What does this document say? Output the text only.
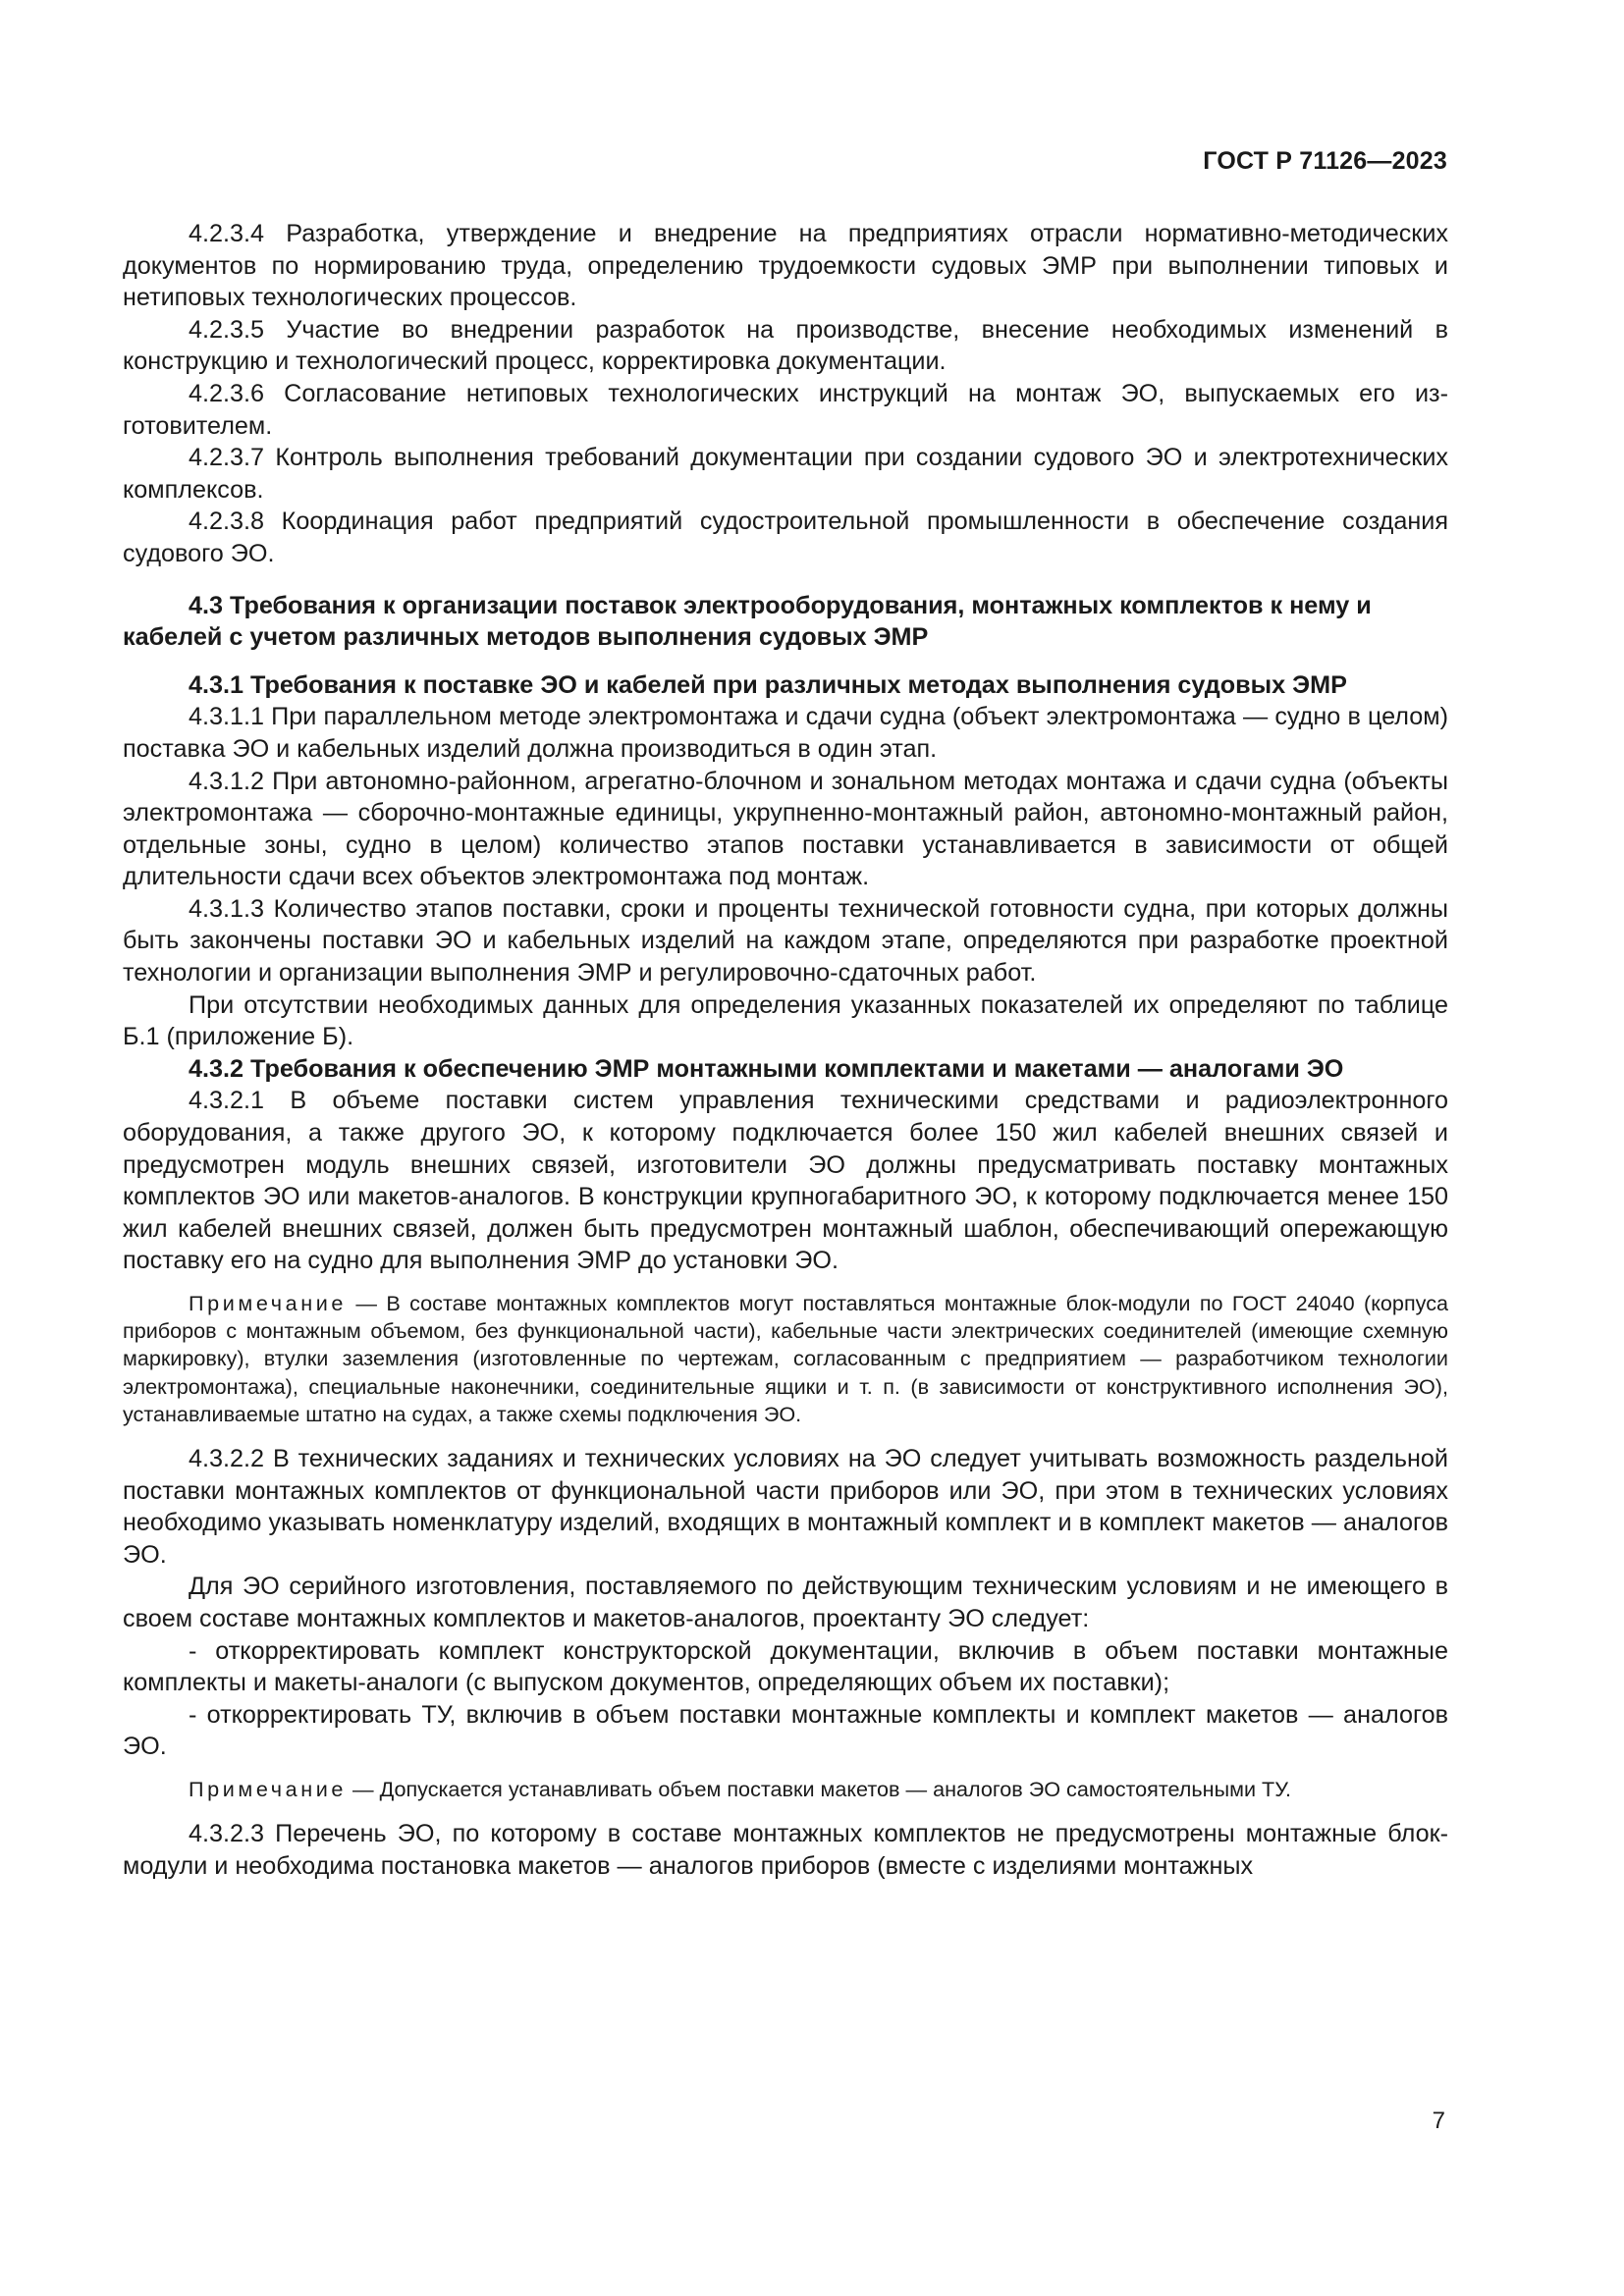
ГОСТ Р 71126—2023

4.2.3.4 Разработка, утверждение и внедрение на предприятиях отрасли нормативно-методических документов по нормированию труда, определению трудоемкости судовых ЭМР при выполнении типовых и нетиповых технологических процессов.

4.2.3.5 Участие во внедрении разработок на производстве, внесение необходимых изменений в конструкцию и технологический процесс, корректировка документации.

4.2.3.6 Согласование нетиповых технологических инструкций на монтаж ЭО, выпускаемых его изготовителем.

4.2.3.7 Контроль выполнения требований документации при создании судового ЭО и электротехнических комплексов.

4.2.3.8 Координация работ предприятий судостроительной промышленности в обеспечение создания судового ЭО.

4.3 Требования к организации поставок электрооборудования, монтажных комплектов к нему и кабелей с учетом различных методов выполнения судовых ЭМР

4.3.1 Требования к поставке ЭО и кабелей при различных методах выполнения судовых ЭМР

4.3.1.1 При параллельном методе электромонтажа и сдачи судна (объект электромонтажа — судно в целом) поставка ЭО и кабельных изделий должна производиться в один этап.

4.3.1.2 При автономно-районном, агрегатно-блочном и зональном методах монтажа и сдачи судна (объекты электромонтажа — сборочно-монтажные единицы, укрупненно-монтажный район, автономно-монтажный район, отдельные зоны, судно в целом) количество этапов поставки устанавливается в зависимости от общей длительности сдачи всех объектов электромонтажа под монтаж.

4.3.1.3 Количество этапов поставки, сроки и проценты технической готовности судна, при которых должны быть закончены поставки ЭО и кабельных изделий на каждом этапе, определяются при разработке проектной технологии и организации выполнения ЭМР и регулировочно-сдаточных работ.

При отсутствии необходимых данных для определения указанных показателей их определяют по таблице Б.1 (приложение Б).

4.3.2 Требования к обеспечению ЭМР монтажными комплектами и макетами — аналогами ЭО

4.3.2.1 В объеме поставки систем управления техническими средствами и радиоэлектронного оборудования, а также другого ЭО, к которому подключается более 150 жил кабелей внешних связей и предусмотрен модуль внешних связей, изготовители ЭО должны предусматривать поставку монтажных комплектов ЭО или макетов-аналогов. В конструкции крупногабаритного ЭО, к которому подключается менее 150 жил кабелей внешних связей, должен быть предусмотрен монтажный шаблон, обеспечивающий опережающую поставку его на судно для выполнения ЭМР до установки ЭО.

Примечание — В составе монтажных комплектов могут поставляться монтажные блок-модули по ГОСТ 24040 (корпуса приборов с монтажным объемом, без функциональной части), кабельные части электрических соединителей (имеющие схемную маркировку), втулки заземления (изготовленные по чертежам, согласованным с предприятием — разработчиком технологии электромонтажа), специальные наконечники, соединительные ящики и т. п. (в зависимости от конструктивного исполнения ЭО), устанавливаемые штатно на судах, а также схемы подключения ЭО.

4.3.2.2 В технических заданиях и технических условиях на ЭО следует учитывать возможность раздельной поставки монтажных комплектов от функциональной части приборов или ЭО, при этом в технических условиях необходимо указывать номенклатуру изделий, входящих в монтажный комплект и в комплект макетов — аналогов ЭО.

Для ЭО серийного изготовления, поставляемого по действующим техническим условиям и не имеющего в своем составе монтажных комплектов и макетов-аналогов, проектанту ЭО следует:

- откорректировать комплект конструкторской документации, включив в объем поставки монтажные комплекты и макеты-аналоги (с выпуском документов, определяющих объем их поставки);

- откорректировать ТУ, включив в объем поставки монтажные комплекты и комплект макетов — аналогов ЭО.

Примечание — Допускается устанавливать объем поставки макетов — аналогов ЭО самостоятельными ТУ.

4.3.2.3 Перечень ЭО, по которому в составе монтажных комплектов не предусмотрены монтажные блок-модули и необходима постановка макетов — аналогов приборов (вместе с изделиями монтажных

7
